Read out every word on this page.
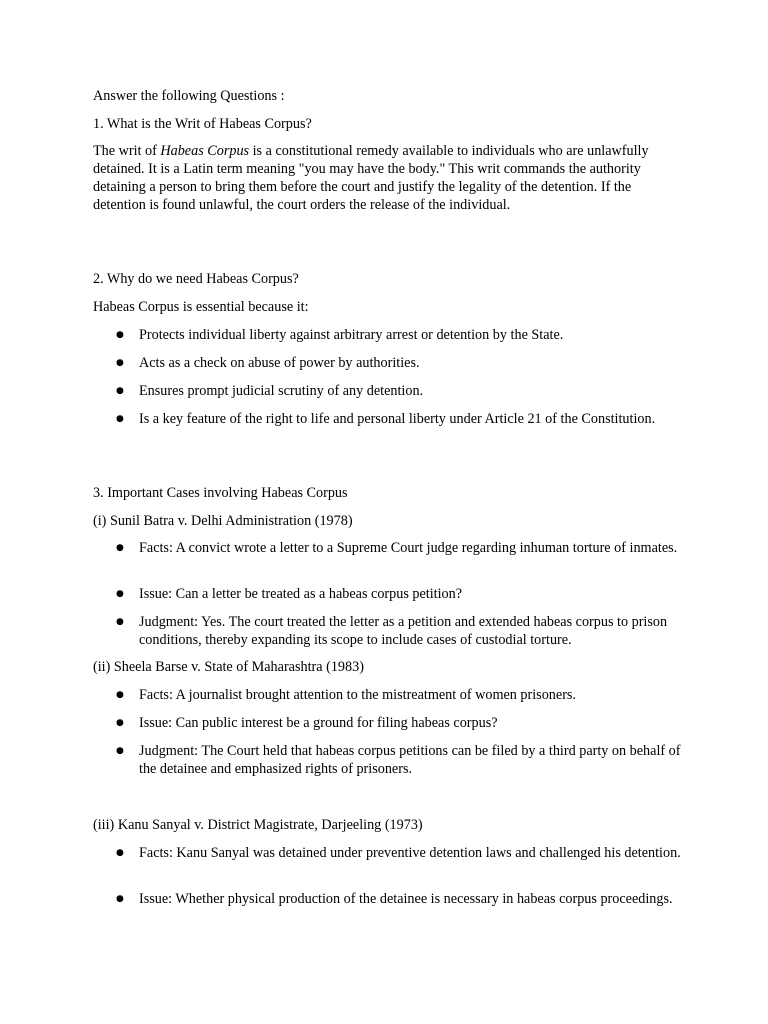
Answer the following Questions :

1. What is the Writ of Habeas Corpus?

The writ of Habeas Corpus is a constitutional remedy available to individuals who are unlawfully detained. It is a Latin term meaning "you may have the body." This writ commands the authority detaining a person to bring them before the court and justify the legality of the detention. If the detention is found unlawful, the court orders the release of the individual.

2. Why do we need Habeas Corpus?

Habeas Corpus is essential because it:

● Protects individual liberty against arbitrary arrest or detention by the State.
● Acts as a check on abuse of power by authorities.
● Ensures prompt judicial scrutiny of any detention.
● Is a key feature of the right to life and personal liberty under Article 21 of the Constitution.

3. Important Cases involving Habeas Corpus

(i) Sunil Batra v. Delhi Administration (1978)

● Facts: A convict wrote a letter to a Supreme Court judge regarding inhuman torture of inmates.
● Issue: Can a letter be treated as a habeas corpus petition?
● Judgment: Yes. The court treated the letter as a petition and extended habeas corpus to prison conditions, thereby expanding its scope to include cases of custodial torture.

(ii) Sheela Barse v. State of Maharashtra (1983)

● Facts: A journalist brought attention to the mistreatment of women prisoners.
● Issue: Can public interest be a ground for filing habeas corpus?
● Judgment: The Court held that habeas corpus petitions can be filed by a third party on behalf of the detainee and emphasized rights of prisoners.

(iii) Kanu Sanyal v. District Magistrate, Darjeeling (1973)

● Facts: Kanu Sanyal was detained under preventive detention laws and challenged his detention.
● Issue: Whether physical production of the detainee is necessary in habeas corpus proceedings.
